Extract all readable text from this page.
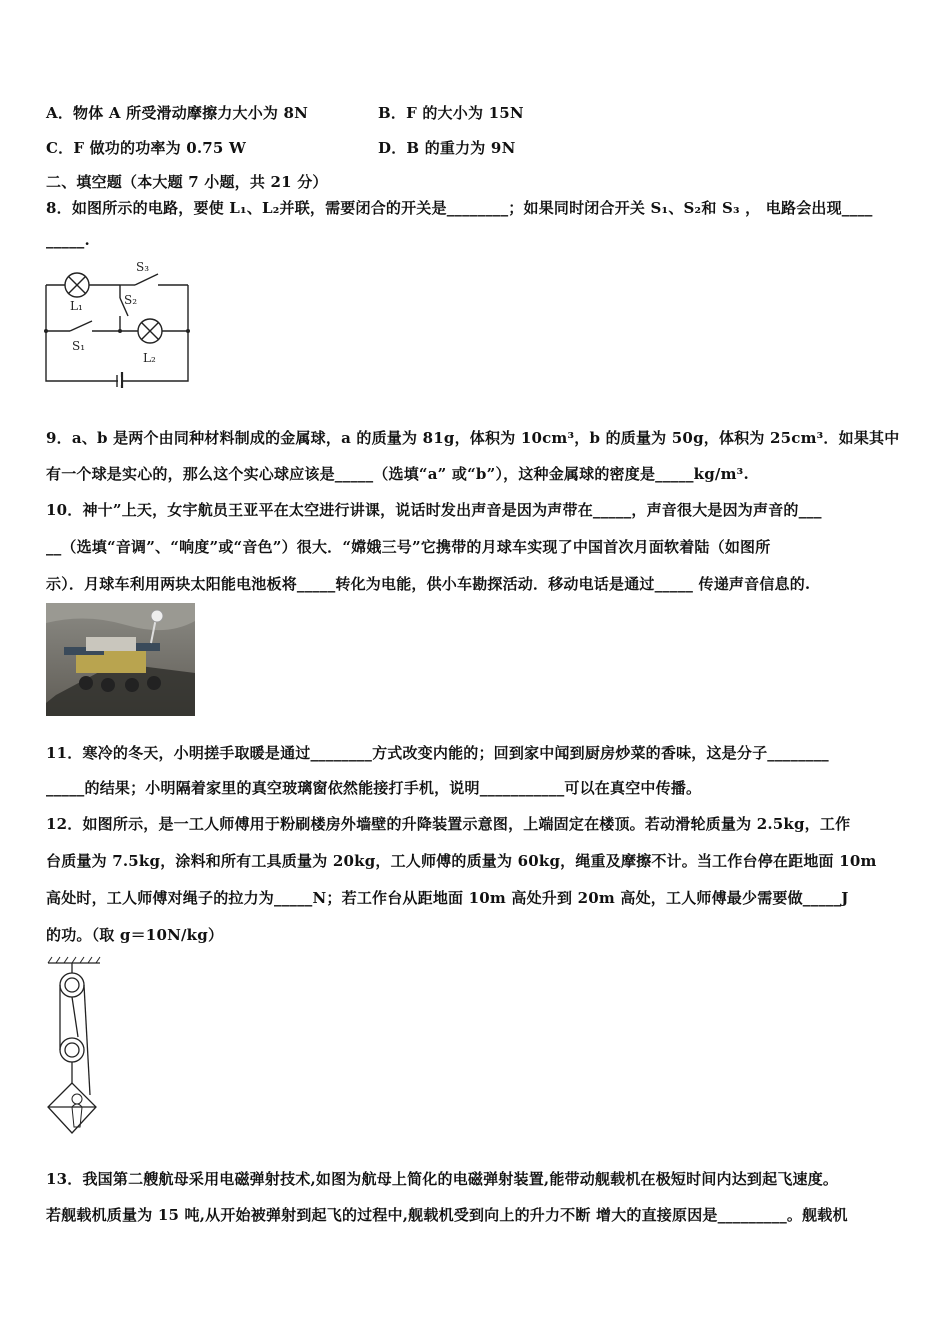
A．物体 A 所受滑动摩擦力大小为 8N	B．F 的大小为 15N
C．F 做功的功率为 0.75 W	D．B 的重力为 9N
二、填空题（本大题 7 小题，共 21 分）
8．如图所示的电路，要使 L₁、L₂并联，需要闭合的开关是________；如果同时闭合开关 S₁、S₂和 S₃ ， 电路会出现____
_____.
S₃
L₁	S₂
S₁
L₂
9．a、b 是两个由同种材料制成的金属球，a 的质量为 81g，体积为 10cm³，b 的质量为 50g，体积为 25cm³．如果其中
有一个球是实心的，那么这个实心球应该是_____（选填“a” 或“b”），这种金属球的密度是_____kg/m³.
10．神十”上天，女宇航员王亚平在太空进行讲课，说话时发出声音是因为声带在_____，声音很大是因为声音的___
__（选填“音调”、“响度”或“音色”）很大．“嫦娥三号”它携带的月球车实现了中国首次月面软着陆（如图所
示）．月球车利用两块太阳能电池板将_____转化为电能，供小车勘探活动．移动电话是通过_____ 传递声音信息的.
11．寒冷的冬天，小明搓手取暖是通过________方式改变内能的；回到家中闻到厨房炒菜的香味，这是分子________
_____的结果；小明隔着家里的真空玻璃窗依然能接打手机，说明___________可以在真空中传播。
12．如图所示，是一工人师傅用于粉刷楼房外墙壁的升降装置示意图，上端固定在楼顶。若动滑轮质量为 2.5kg，工作
台质量为 7.5kg，涂料和所有工具质量为 20kg，工人师傅的质量为 60kg，绳重及摩擦不计。当工作台停在距地面 10m
高处时，工人师傅对绳子的拉力为_____N；若工作台从距地面 10m 高处升到 20m 高处，工人师傅最少需要做_____J
的功。（取 g＝10N/kg）
13．我国第二艘航母采用电磁弹射技术,如图为航母上简化的电磁弹射装置,能带动舰载机在极短时间内达到起飞速度。
若舰载机质量为 15 吨,从开始被弹射到起飞的过程中,舰载机受到向上的升力不断 增大的直接原因是_________。舰载机
